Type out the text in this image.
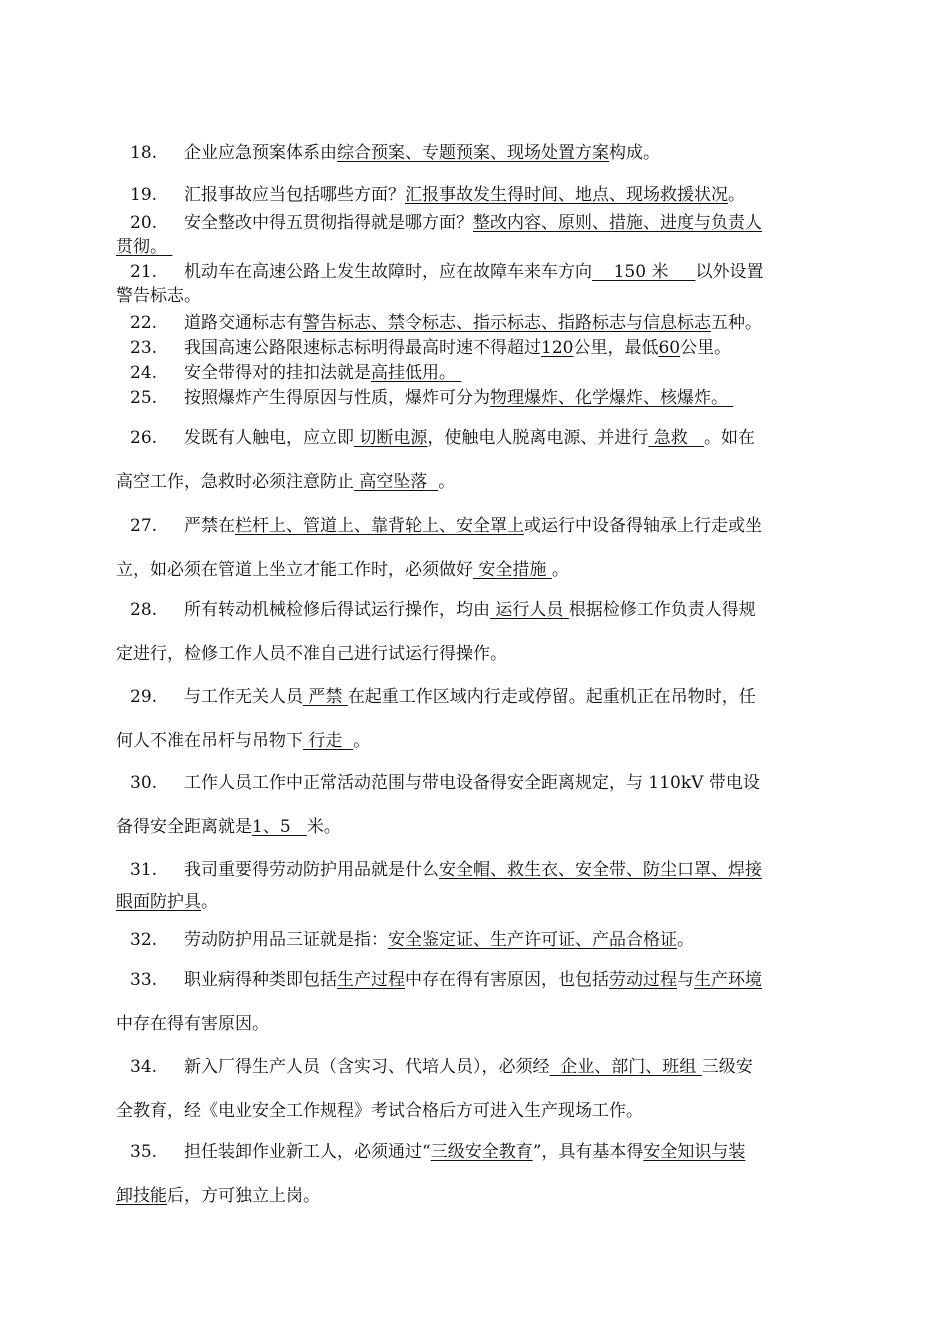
18. 企业应急预案体系由综合预案、专题预案、现场处置方案构成。
19. 汇报事故应当包括哪些方面？汇报事故发生得时间、地点、现场救援状况。
20. 安全整改中得五贯彻指得就是哪方面？整改内容、原则、措施、进度与负责人
贯彻。
21. 机动车在高速公路上发生故障时，应在故障车来车方向    150 米     以外设置
警告标志。
22. 道路交通标志有警告标志、禁令标志、指示标志、指路标志与信息标志五种。
23. 我国高速公路限速标志标明得最高时速不得超过120公里，最低60公里。
24. 安全带得对的挂扣法就是高挂低用。
25. 按照爆炸产生得原因与性质，爆炸可分为物理爆炸、化学爆炸、核爆炸。
26. 发既有人触电，应立即 切断电源，使触电人脱离电源、并进行 急救   。如在
高空工作，急救时必须注意防止 高空坠落  。
27. 严禁在栏杆上、管道上、靠背轮上、安全罩上或运行中设备得轴承上行走或坐
立，如必须在管道上坐立才能工作时，必须做好 安全措施 。
28. 所有转动机械检修后得试运行操作，均由 运行人员 根据检修工作负责人得规
定进行，检修工作人员不准自己进行试运行得操作。
29. 与工作无关人员 严禁 在起重工作区域内行走或停留。起重机正在吊物时，任
何人不准在吊杆与吊物下 行走  。
30. 工作人员工作中正常活动范围与带电设备得安全距离规定，与 110kV 带电设
备得安全距离就是1、5   米。
31. 我司重要得劳动防护用品就是什么安全帽、救生衣、安全带、防尘口罩、焊接
眼面防护具。
32. 劳动防护用品三证就是指：安全鉴定证、生产许可证、产品合格证。
33. 职业病得种类即包括生产过程中存在得有害原因，也包括劳动过程与生产环境
中存在得有害原因。
34. 新入厂得生产人员（含实习、代培人员），必须经  企业、部门、班组 三级安
全教育，经《电业安全工作规程》考试合格后方可进入生产现场工作。
35. 担任装卸作业新工人，必须通过“三级安全教育”，具有基本得安全知识与装
卸技能后，方可独立上岗。
